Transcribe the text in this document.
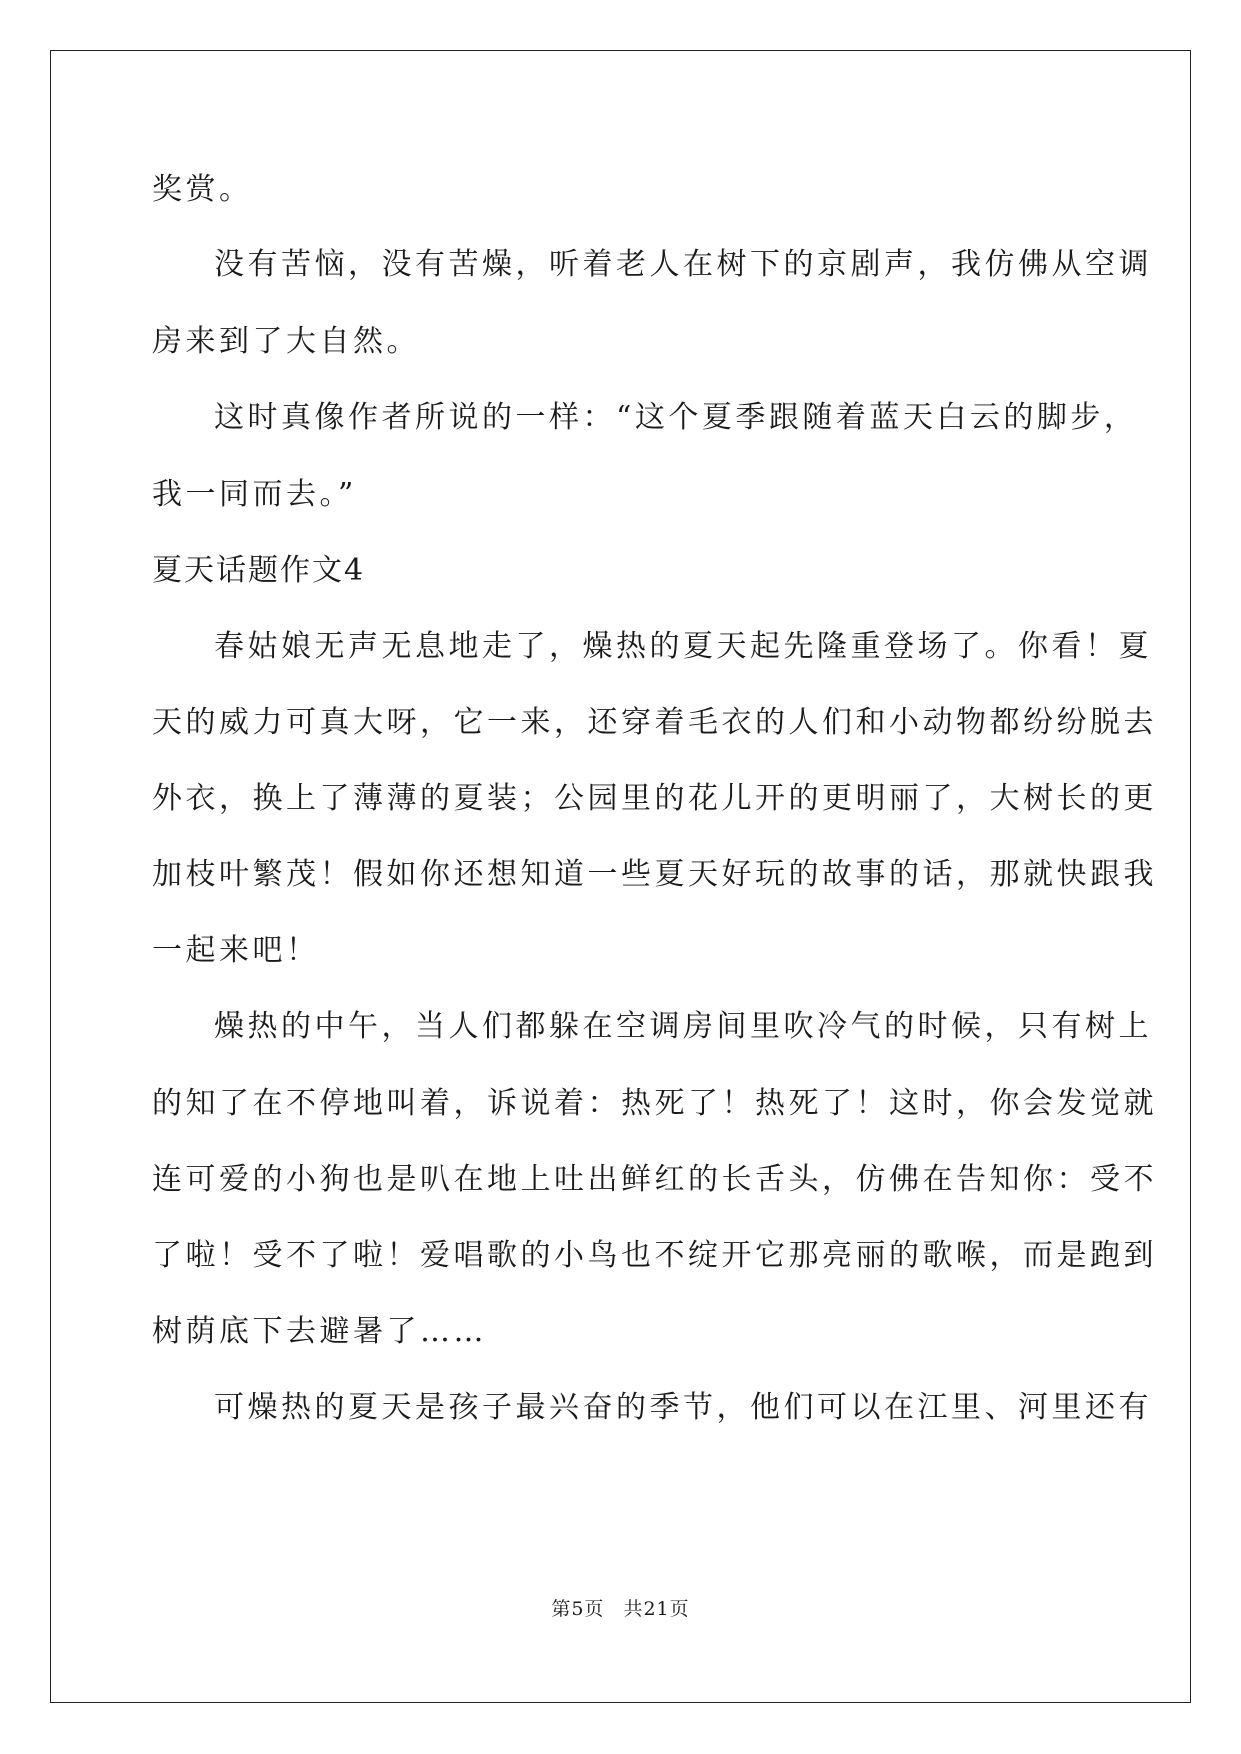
奖赏。
没有苦恼，没有苦燥，听着老人在树下的京剧声，我仿佛从空调
房来到了大自然。
这时真像作者所说的一样：“这个夏季跟随着蓝天白云的脚步，
我一同而去。”
夏天话题作文4
春姑娘无声无息地走了，燥热的夏天起先隆重登场了。你看！夏
天的威力可真大呀，它一来，还穿着毛衣的人们和小动物都纷纷脱去
外衣，换上了薄薄的夏装；公园里的花儿开的更明丽了，大树长的更
加枝叶繁茂！假如你还想知道一些夏天好玩的故事的话，那就快跟我
一起来吧！
燥热的中午，当人们都躲在空调房间里吹冷气的时候，只有树上
的知了在不停地叫着，诉说着：热死了！热死了！这时，你会发觉就
连可爱的小狗也是叭在地上吐出鲜红的长舌头，仿佛在告知你：受不
了啦！受不了啦！爱唱歌的小鸟也不绽开它那亮丽的歌喉，而是跑到
树荫底下去避暑了……
可燥热的夏天是孩子最兴奋的季节，他们可以在江里、河里还有
第5页 共21页
